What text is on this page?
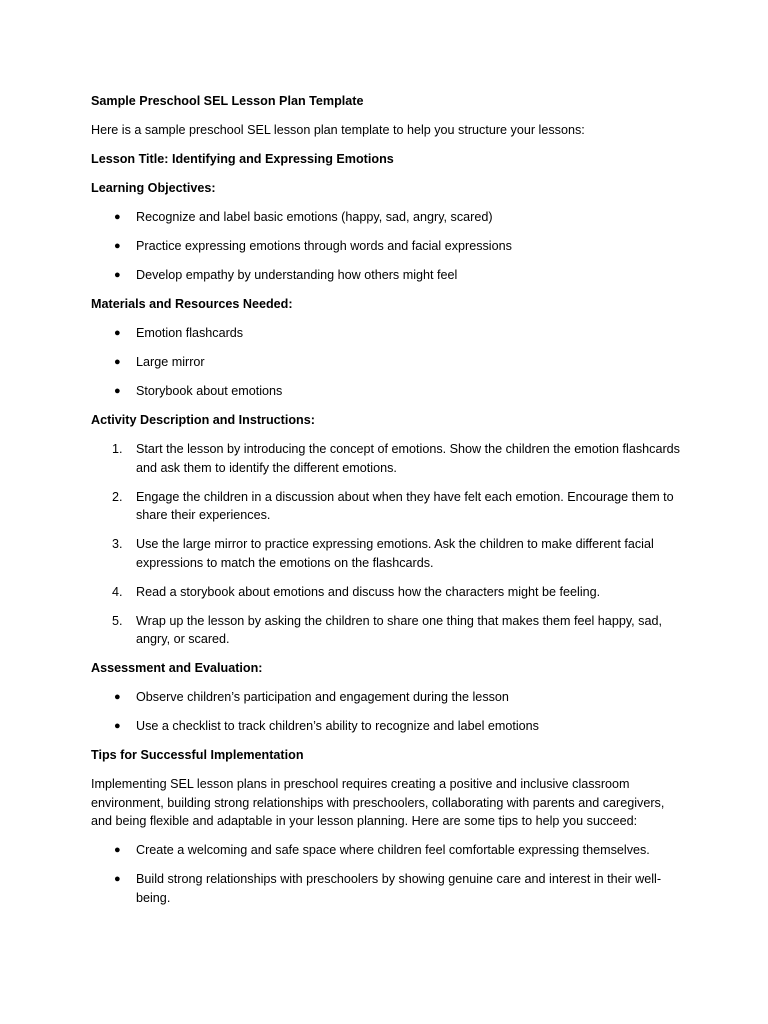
Sample Preschool SEL Lesson Plan Template

Here is a sample preschool SEL lesson plan template to help you structure your lessons:

Lesson Title: Identifying and Expressing Emotions

Learning Objectives:

● Recognize and label basic emotions (happy, sad, angry, scared)
● Practice expressing emotions through words and facial expressions
● Develop empathy by understanding how others might feel

Materials and Resources Needed:

● Emotion flashcards
● Large mirror
● Storybook about emotions

Activity Description and Instructions:

1. Start the lesson by introducing the concept of emotions. Show the children the emotion flashcards and ask them to identify the different emotions.
2. Engage the children in a discussion about when they have felt each emotion. Encourage them to share their experiences.
3. Use the large mirror to practice expressing emotions. Ask the children to make different facial expressions to match the emotions on the flashcards.
4. Read a storybook about emotions and discuss how the characters might be feeling.
5. Wrap up the lesson by asking the children to share one thing that makes them feel happy, sad, angry, or scared.

Assessment and Evaluation:

● Observe children’s participation and engagement during the lesson
● Use a checklist to track children’s ability to recognize and label emotions

Tips for Successful Implementation

Implementing SEL lesson plans in preschool requires creating a positive and inclusive classroom environment, building strong relationships with preschoolers, collaborating with parents and caregivers, and being flexible and adaptable in your lesson planning. Here are some tips to help you succeed:

● Create a welcoming and safe space where children feel comfortable expressing themselves.
● Build strong relationships with preschoolers by showing genuine care and interest in their well-being.
